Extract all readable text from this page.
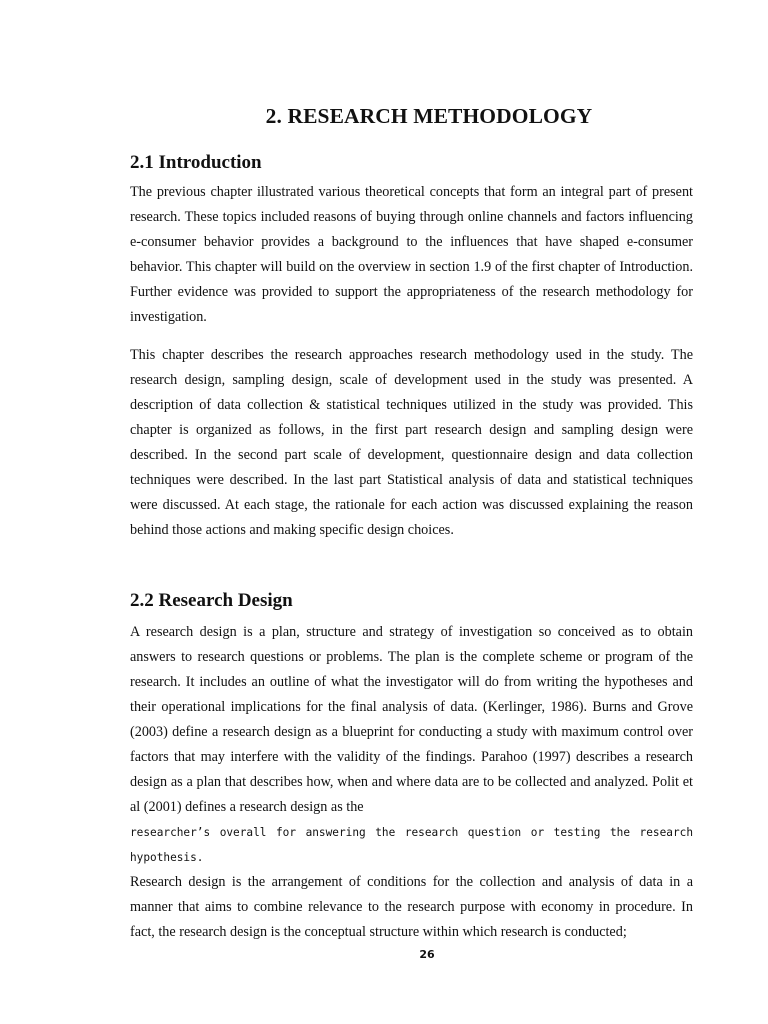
2. RESEARCH METHODOLOGY
2.1 Introduction

The previous chapter illustrated various theoretical concepts that form an integral part of present research. These topics included reasons of buying through online channels and factors influencing e-consumer behavior provides a background to the influences that have shaped e-consumer behavior. This chapter will build on the overview in section 1.9 of the first chapter of Introduction. Further evidence was provided to support the appropriateness of the research methodology for investigation.

This chapter describes the research approaches research methodology used in the study. The research design, sampling design, scale of development used in the study was presented. A description of data collection & statistical techniques utilized in the study was provided. This chapter is organized as follows, in the first part research design and sampling design were described. In the second part scale of development, questionnaire design and data collection techniques were described. In the last part Statistical analysis of data and statistical techniques were discussed. At each stage, the rationale for each action was discussed explaining the reason behind those actions and making specific design choices.

2.2 Research Design

A research design is a plan, structure and strategy of investigation so conceived as to obtain answers to research questions or problems. The plan is the complete scheme or program of the research. It includes an outline of what the investigator will do from writing the hypotheses and their operational implications for the final analysis of data. (Kerlinger, 1986). Burns and Grove (2003) define a research design as a blueprint for conducting a study with maximum control over factors that may interfere with the validity of the findings. Parahoo (1997) describes a research design as a plan that describes how, when and where data are to be collected and analyzed. Polit et al (2001) defines a research design as the
researcher’s overall for answering the research question or testing the research hypothesis.
Research design is the arrangement of conditions for the collection and analysis of data in a manner that aims to combine relevance to the research purpose with economy in procedure. In fact, the research design is the conceptual structure within which research is conducted;

26
